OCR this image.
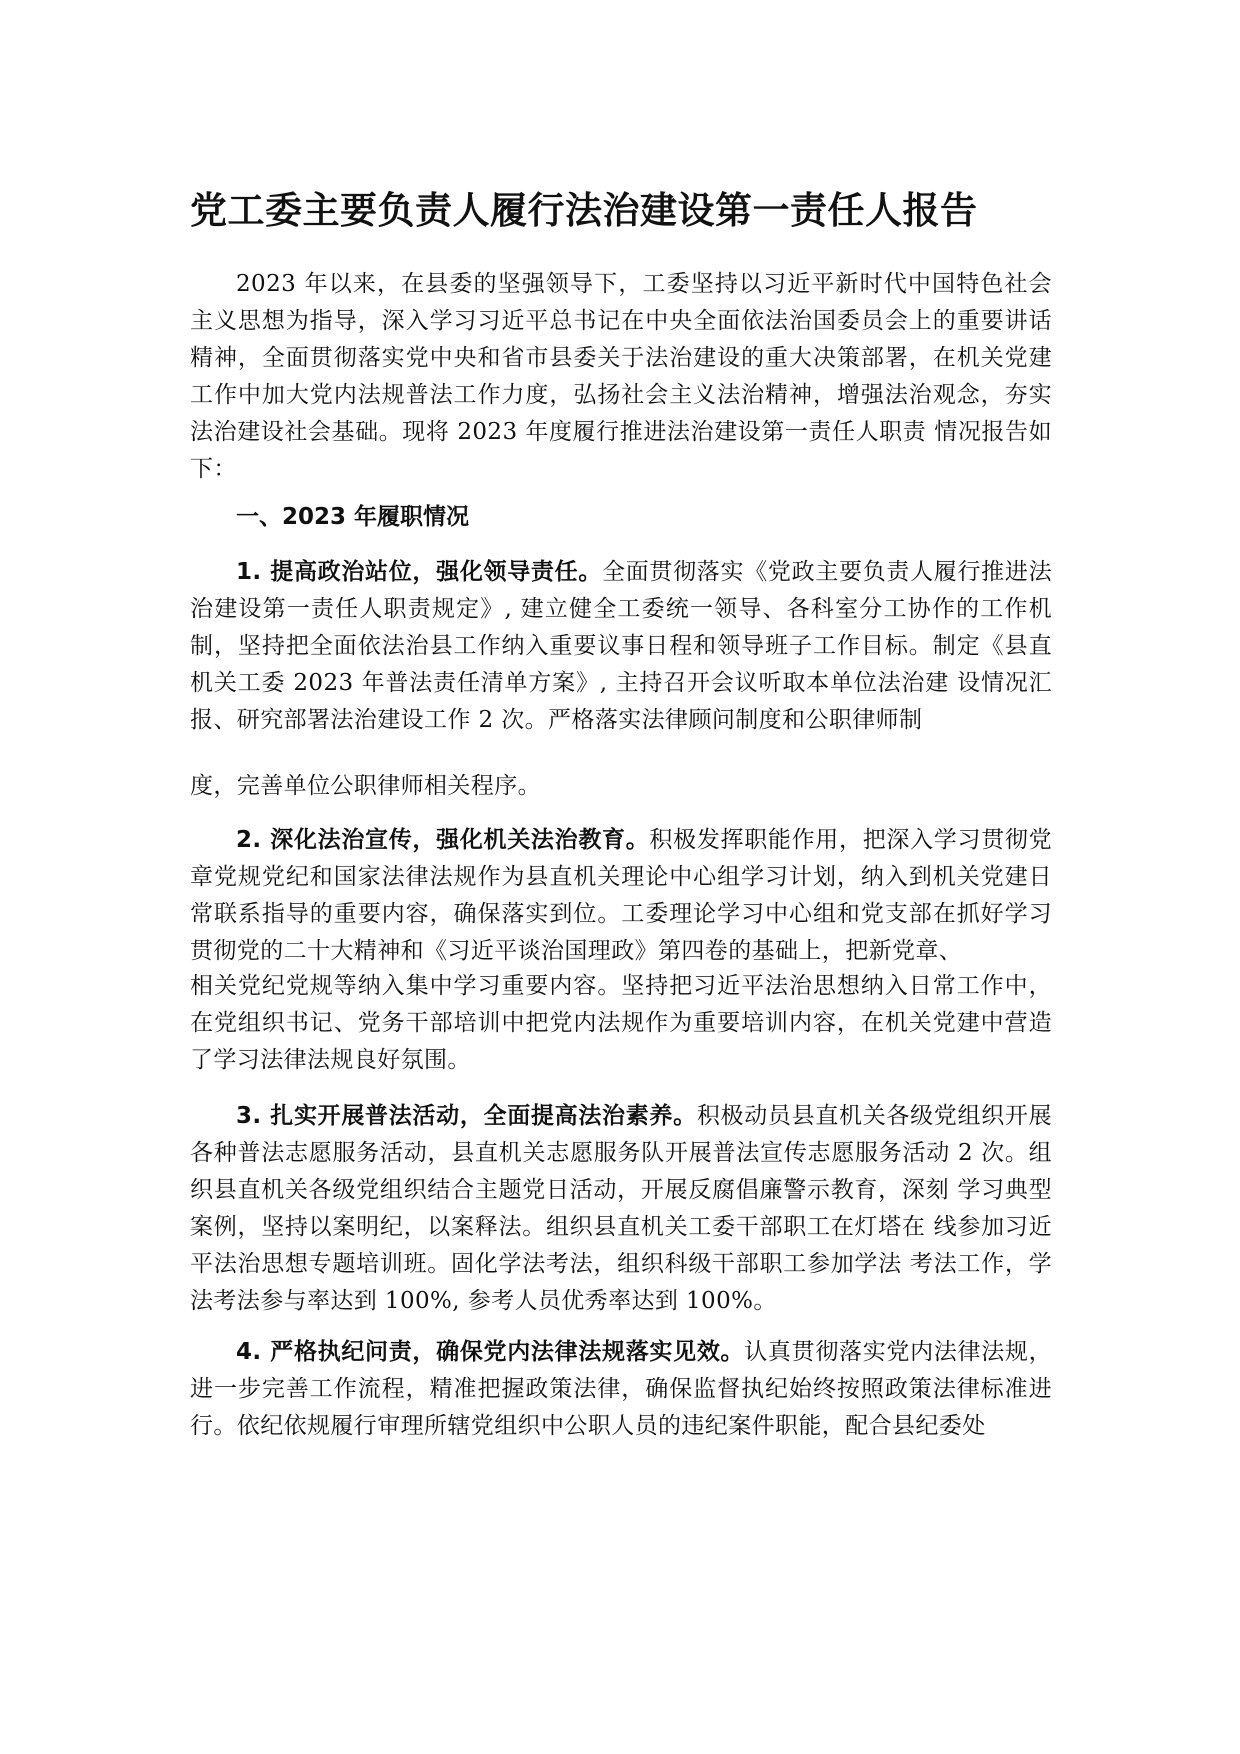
党工委主要负责人履行法治建设第一责任人报告

2023 年以来，在县委的坚强领导下，工委坚持以习近平新时代中国特色社会主义思想为指导，深入学习习近平总书记在中央全面依法治国委员会上的重要讲话精神，全面贯彻落实党中央和省市县委关于法治建设的重大决策部署，在机关党建工作中加大党内法规普法工作力度，弘扬社会主义法治精神，增强法治观念，夯实法治建设社会基础。现将 2023 年度履行推进法治建设第一责任人职责 情况报告如下：

一、2023 年履职情况

1. 提高政治站位，强化领导责任。全面贯彻落实《党政主要负责人履行推进法治建设第一责任人职责规定》, 建立健全工委统一领导、各科室分工协作的工作机制，坚持把全面依法治县工作纳入重要议事日程和领导班子工作目标。制定《县直机关工委 2023 年普法责任清单方案》, 主持召开会议听取本单位法治建 设情况汇报、研究部署法治建设工作 2 次。严格落实法律顾问制度和公职律师制

度，完善单位公职律师相关程序。

2. 深化法治宣传，强化机关法治教育。积极发挥职能作用，把深入学习贯彻党章党规党纪和国家法律法规作为县直机关理论中心组学习计划，纳入到机关党建日常联系指导的重要内容，确保落实到位。工委理论学习中心组和党支部在抓好学习贯彻党的二十大精神和《习近平谈治国理政》第四卷的基础上，把新党章、

相关党纪党规等纳入集中学习重要内容。坚持把习近平法治思想纳入日常工作中，在党组织书记、党务干部培训中把党内法规作为重要培训内容，在机关党建中营造了学习法律法规良好氛围。

3. 扎实开展普法活动，全面提高法治素养。积极动员县直机关各级党组织开展各种普法志愿服务活动，县直机关志愿服务队开展普法宣传志愿服务活动 2 次。组织县直机关各级党组织结合主题党日活动，开展反腐倡廉警示教育，深刻 学习典型案例，坚持以案明纪，以案释法。组织县直机关工委干部职工在灯塔在 线参加习近平法治思想专题培训班。固化学法考法，组织科级干部职工参加学法 考法工作，学法考法参与率达到 100%, 参考人员优秀率达到 100%。

4. 严格执纪问责，确保党内法律法规落实见效。认真贯彻落实党内法律法规，进一步完善工作流程，精准把握政策法律，确保监督执纪始终按照政策法律标准进行。依纪依规履行审理所辖党组织中公职人员的违纪案件职能，配合县纪委处
